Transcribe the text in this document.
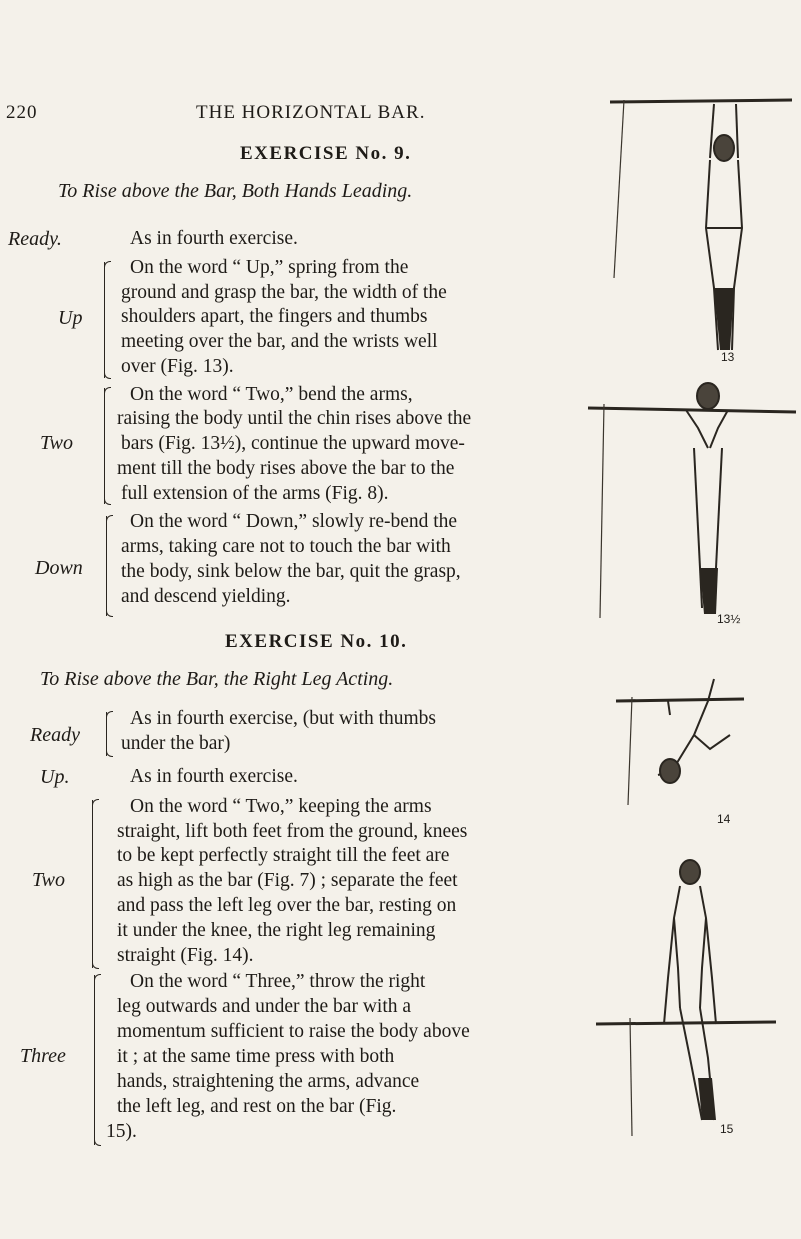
220	THE HORIZONTAL BAR.
EXERCISE No. 9.
To Rise above the Bar, Both Hands Leading.
Ready.	As in fourth exercise.
Up
On the word “ Up,” spring from the
ground and grasp the bar, the width of the
shoulders apart, the fingers and thumbs
meeting over the bar, and the wrists well
over (Fig. 13).
Two
On the word “ Two,” bend the arms,
raising the body until the chin rises above the
bars (Fig. 13½), continue the upward move-
ment till the body rises above the bar to the
full extension of the arms (Fig. 8).
Down
On the word “ Down,” slowly re-bend the
arms, taking care not to touch the bar with
the body, sink below the bar, quit the grasp,
and descend yielding.
EXERCISE No. 10.
To Rise above the Bar, the Right Leg Acting.
Ready
As in fourth exercise, (but with thumbs
under the bar)
Up.	As in fourth exercise.
Two
On the word “ Two,” keeping the arms
straight, lift both feet from the ground, knees
to be kept perfectly straight till the feet are
as high as the bar (Fig. 7) ; separate the feet
and pass the left leg over the bar, resting on
it under the knee, the right leg remaining
straight (Fig. 14).
Three
On the word “ Three,” throw the right
leg outwards and under the bar with a
momentum sufficient to raise the body above
it ; at the same time press with both
hands, straightening the arms, advance
the left leg, and rest on the bar (Fig.
15).
13
13½
14
15
